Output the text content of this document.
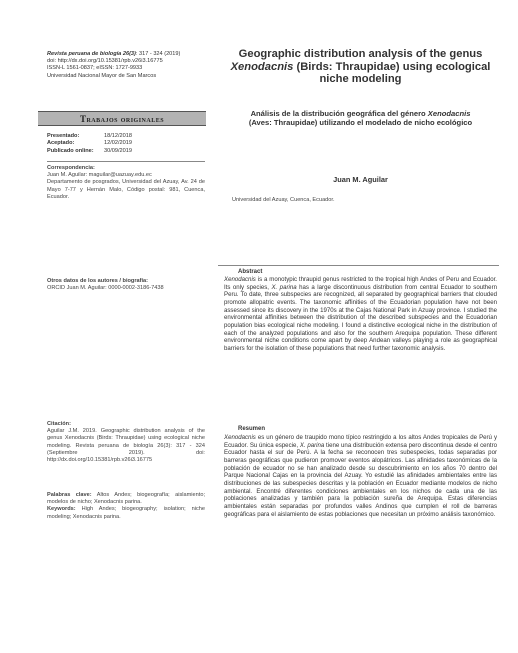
Revista peruana de biología 26(3): 317 - 324 (2019)
doi: http://dx.doi.org/10.15381/rpb.v26i3.16775
ISSN-L 1561-0837; eISSN: 1727-9933
Universidad Nacional Mayor de San Marcos
Trabajos originales
Presentado:	18/12/2018
Aceptado:	12/02/2019
Publicado online:	30/09/2019
Correspondencia:
Juan M. Aguilar: maguilar@uazuay.edu.ec
Departamento de posgrados, Universidad del Azuay, Av. 24 de Mayo 7-77 y Hernán Malo, Código postal: 981, Cuenca, Ecuador.
Otros datos de los autores / biografía:
ORCID Juan M. Aguilar: 0000-0002-3186-7438
Citación:
Aguilar J.M. 2019. Geographic distribution analysis of the genus Xenodacnis (Birds: Thraupidae) using ecological niche modeling. Revista peruana de biología 26(3): 317 - 324 (Septiembre 2019). doi: http://dx.doi.org/10.15381/rpb.v26i3.16775
Palabras clave: Altos Andes; biogeografía; aislamiento; modelos de nicho; Xenodacnis parina.
Keywords: High Andes; biogeography; isolation; niche modeling; Xenodacnis parina.
Geographic distribution analysis of the genus
Xenodacnis (Birds: Thraupidae) using ecological
niche modeling
Análisis de la distribución geográfica del género Xenodacnis
(Aves: Thraupidae) utilizando el modelado de nicho ecológico
Juan M. Aguilar
Universidad del Azuay, Cuenca, Ecuador.
Abstract
Xenodacnis is a monotypic thraupid genus restricted to the tropical high Andes of Peru and Ecuador. Its only species, X. parina has a large discontinuous distribution from central Ecuador to southern Peru. To date, three subspecies are recognized, all separated by geographical barriers that clouded promote allopatric events. The taxonomic affinities of the Ecuadorian population have not been assessed since its discovery in the 1970s at the Cajas National Park in Azuay province. I studied the environmental affinities between the distribution of the described subspecies and the Ecuadorian population bias ecological niche modeling. I found a distinctive ecological niche in the distribution of each of the analyzed populations and also for the southern Arequipa population. These different environmental niche conditions come apart by deep Andean valleys playing a role as geographical barriers for the isolation of these populations that need further taxonomic analysis.
Resumen
Xenodacnis es un género de traupido mono típico restringido a los altos Andes tropicales de Perú y Ecuador. Su única especie, X. parina tiene una distribución extensa pero discontinua desde el centro Ecuador hasta el sur de Perú. A la fecha se reconocen tres subespecies, todas separadas por barreras geográficas que pudieron promover eventos alopátricos. Las afinidades taxonómicas de la población de ecuador no se han analizado desde su descubrimiento en los años 70 dentro del Parque Nacional Cajas en la provincia del Azuay. Yo estudié las afinidades ambientales entre las distribuciones de las subespecies descritas y la población en Ecuador mediante modelos de nicho ambiental. Encontré diferentes condiciones ambientales en los nichos de cada una de las poblaciones analizadas y también para la población sureña de Arequipa. Estas diferencias ambientales están separadas por profundos valles Andinos que cumplen el roll de barreras geográficas para el aislamiento de estas poblaciones que necesitan un próximo análisis taxonómico.
